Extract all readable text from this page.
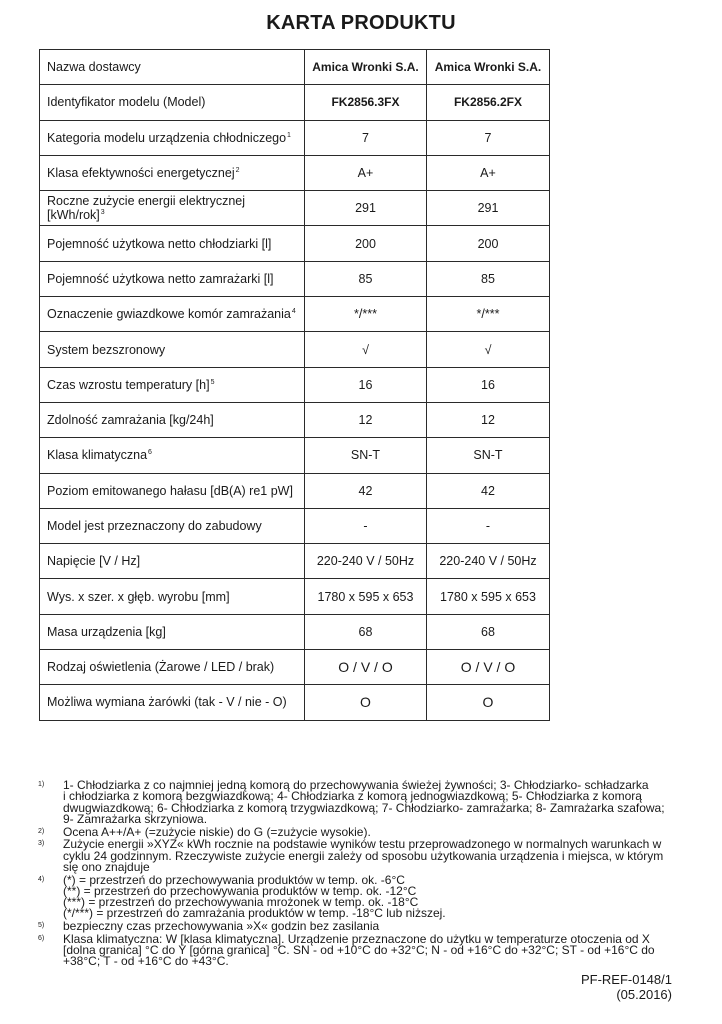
KARTA PRODUKTU
Nazwa dostawcy	Amica Wronki S.A.	Amica Wronki S.A.
Identyfikator modelu (Model)	FK2856.3FX	FK2856.2FX
Kategoria modelu urządzenia chłodniczego$^1$	7	7
Klasa efektywności energetycznej$^2$	A+	A+
Roczne zużycie energii elektrycznej $[kWh/rok]^3$	291	291
Pojemność użytkowa netto chłodziarki [l]	200	200
Pojemność użytkowa netto zamrażarki [l]	85	85
Oznaczenie gwiazdkowe komór zamrażania$^4$	*/***	*/***
System bezszronowy	√	√
Czas wzrostu temperatury $[h]^5$	16	16
Zdolność zamrażania [kg/24h]	12	12
Klasa klimatyczna$^6$	SN-T	SN-T
Poziom emitowanego hałasu [dB(A) re1 pW]	42	42
Model jest przeznaczony do zabudowy	-	-
Napięcie [V / Hz]	220-240 V / 50Hz	220-240 V / 50Hz
Wys. x szer. x głęb. wyrobu [mm]	1780 x 595 x 653	1780 x 595 x 653
Masa urządzenia [kg]	68	68
Rodzaj oświetlenia (Żarowe / LED / brak)	O / V / O	O / V / O
Możliwa wymiana żarówki (tak - V / nie - O)	O	O
1)	1- Chłodziarka z co najmniej jedną komorą do przechowywania świeżej żywności; 3- Chłodziarko- schładzarka
i chłodziarka z komorą bezgwiazdkową; 4- Chłodziarka z komorą jednogwiazdkową; 5- Chłodziarka z komorą
dwugwiazdkową; 6- Chłodziarka z komorą trzygwiazdkową; 7- Chłodziarko- zamrażarka; 8- Zamrażarka szafowa;
9- Zamrażarka skrzyniowa.
2)	Ocena A++/A+ (=zużycie niskie) do G (=zużycie wysokie).
3)	Zużycie energii »XYZ« kWh rocznie na podstawie wyników testu przeprowadzonego w normalnych warunkach w
cyklu 24 godzinnym. Rzeczywiste zużycie energii zależy od sposobu użytkowania urządzenia i miejsca, w którym
się ono znajduje
4)	(*) = przestrzeń do przechowywania produktów w temp. ok. -6°C
(**) = przestrzeń do przechowywania produktów w temp. ok. -12°C
(***) = przestrzeń do przechowywania mrożonek w temp. ok. -18°C
(*/***) = przestrzeń do zamrażania produktów w temp. -18°C lub niższej.
5)	bezpieczny czas przechowywania »X« godzin bez zasilania
6)	Klasa klimatyczna: W [klasa klimatyczna]. Urządzenie przeznaczone do użytku w temperaturze otoczenia od X
[dolna granica] °C do Y [górna granica] °C. SN - od +10°C do +32°C; N - od +16°C do +32°C; ST - od +16°C do
+38°C; T - od +16°C do +43°C.
PF-REF-0148/1
(05.2016)
